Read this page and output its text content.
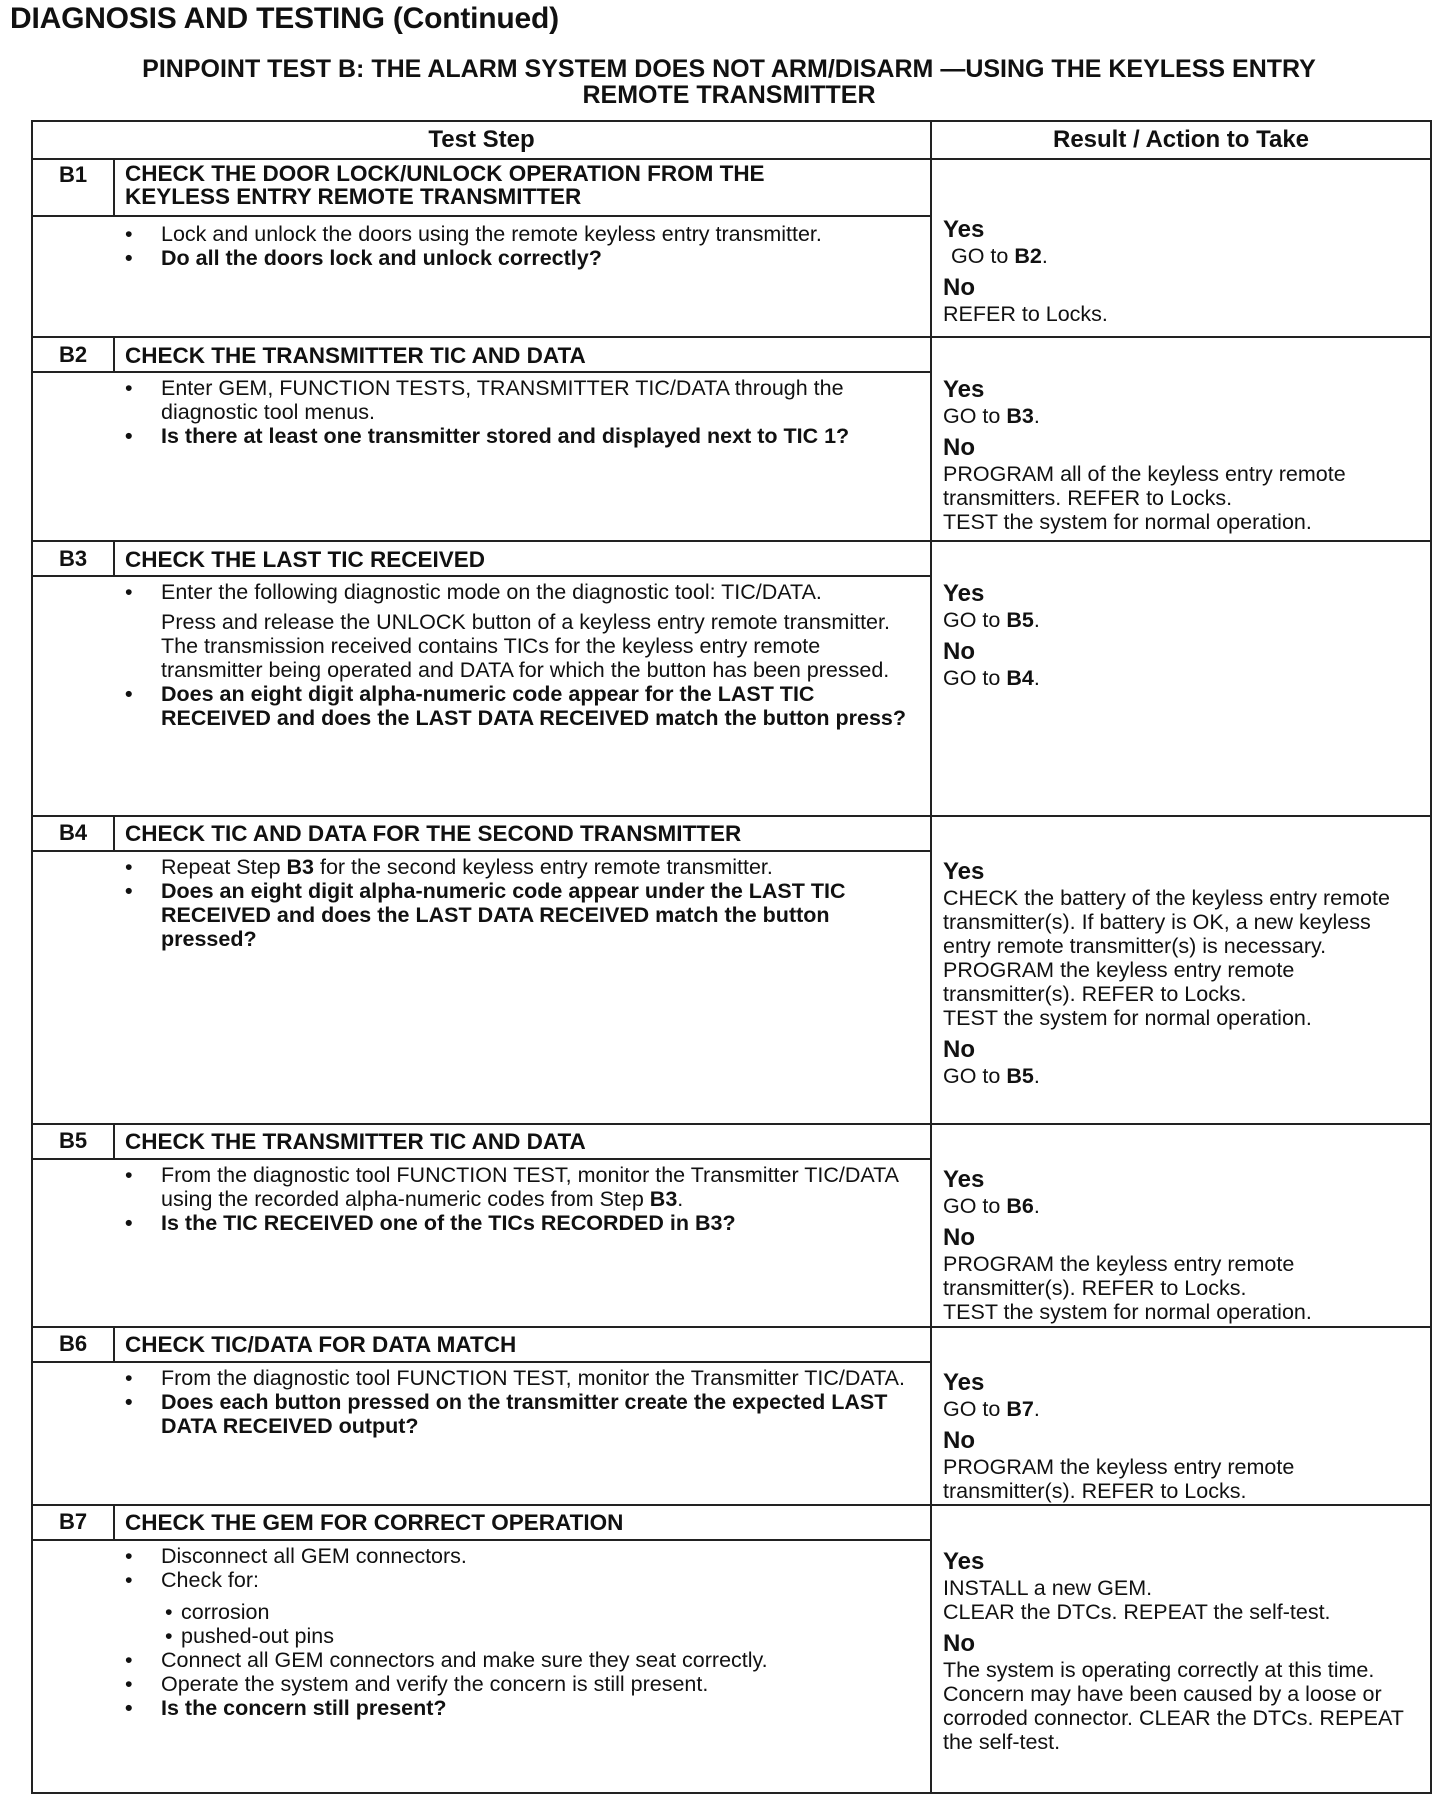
DIAGNOSIS AND TESTING (Continued)
PINPOINT TEST B: THE ALARM SYSTEM DOES NOT ARM/DISARM —USING THE KEYLESS ENTRY
REMOTE TRANSMITTER
Test Step	Result / Action to Take
B1	CHECK THE DOOR LOCK/UNLOCK OPERATION FROM THE
KEYLESS ENTRY REMOTE TRANSMITTER
• Lock and unlock the doors using the remote keyless entry transmitter.
• Do all the doors lock and unlock correctly?
Yes
GO to B2.
No
REFER to Locks.
B2	CHECK THE TRANSMITTER TIC AND DATA
• Enter GEM, FUNCTION TESTS, TRANSMITTER TIC/DATA through the diagnostic tool menus.
• Is there at least one transmitter stored and displayed next to TIC 1?
Yes
GO to B3.
No
PROGRAM all of the keyless entry remote transmitters. REFER to Locks.
TEST the system for normal operation.
B3	CHECK THE LAST TIC RECEIVED
• Enter the following diagnostic mode on the diagnostic tool: TIC/DATA.
Press and release the UNLOCK button of a keyless entry remote transmitter. The transmission received contains TICs for the keyless entry remote transmitter being operated and DATA for which the button has been pressed.
• Does an eight digit alpha-numeric code appear for the LAST TIC RECEIVED and does the LAST DATA RECEIVED match the button press?
Yes
GO to B5.
No
GO to B4.
B4	CHECK TIC AND DATA FOR THE SECOND TRANSMITTER
• Repeat Step B3 for the second keyless entry remote transmitter.
• Does an eight digit alpha-numeric code appear under the LAST TIC RECEIVED and does the LAST DATA RECEIVED match the button pressed?
Yes
CHECK the battery of the keyless entry remote transmitter(s). If battery is OK, a new keyless entry remote transmitter(s) is necessary. PROGRAM the keyless entry remote transmitter(s). REFER to Locks.
TEST the system for normal operation.
No
GO to B5.
B5	CHECK THE TRANSMITTER TIC AND DATA
• From the diagnostic tool FUNCTION TEST, monitor the Transmitter TIC/DATA using the recorded alpha-numeric codes from Step B3.
• Is the TIC RECEIVED one of the TICs RECORDED in B3?
Yes
GO to B6.
No
PROGRAM the keyless entry remote transmitter(s). REFER to Locks.
TEST the system for normal operation.
B6	CHECK TIC/DATA FOR DATA MATCH
• From the diagnostic tool FUNCTION TEST, monitor the Transmitter TIC/DATA.
• Does each button pressed on the transmitter create the expected LAST DATA RECEIVED output?
Yes
GO to B7.
No
PROGRAM the keyless entry remote transmitter(s). REFER to Locks.
B7	CHECK THE GEM FOR CORRECT OPERATION
• Disconnect all GEM connectors.
• Check for:
• corrosion
• pushed-out pins
• Connect all GEM connectors and make sure they seat correctly.
• Operate the system and verify the concern is still present.
• Is the concern still present?
Yes
INSTALL a new GEM.
CLEAR the DTCs. REPEAT the self-test.
No
The system is operating correctly at this time. Concern may have been caused by a loose or corroded connector. CLEAR the DTCs. REPEAT the self-test.
